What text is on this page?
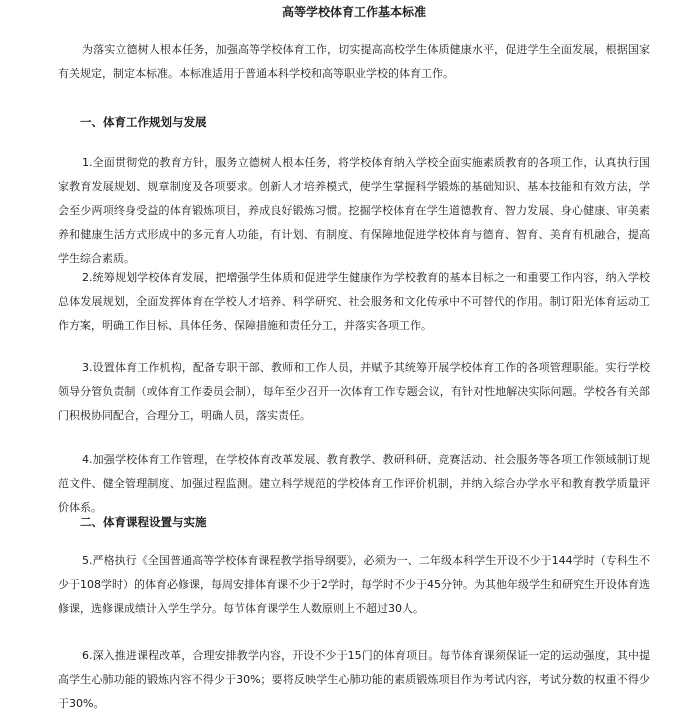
高等学校体育工作基本标准

为落实立德树人根本任务，加强高等学校体育工作，切实提高高校学生体质健康水平，促进学生全面发展，根据国家有关规定，制定本标准。本标准适用于普通本科学校和高等职业学校的体育工作。

一、体育工作规划与发展

1.全面贯彻党的教育方针，服务立德树人根本任务，将学校体育纳入学校全面实施素质教育的各项工作，认真执行国家教育发展规划、规章制度及各项要求。创新人才培养模式，使学生掌握科学锻炼的基础知识、基本技能和有效方法，学会至少两项终身受益的体育锻炼项目，养成良好锻炼习惯。挖掘学校体育在学生道德教育、智力发展、身心健康、审美素养和健康生活方式形成中的多元育人功能，有计划、有制度、有保障地促进学校体育与德育、智育、美育有机融合，提高学生综合素质。

2.统筹规划学校体育发展，把增强学生体质和促进学生健康作为学校教育的基本目标之一和重要工作内容，纳入学校总体发展规划，全面发挥体育在学校人才培养、科学研究、社会服务和文化传承中不可替代的作用。制订阳光体育运动工作方案，明确工作目标、具体任务、保障措施和责任分工，并落实各项工作。

3.设置体育工作机构，配备专职干部、教师和工作人员，并赋予其统筹开展学校体育工作的各项管理职能。实行学校领导分管负责制（或体育工作委员会制），每年至少召开一次体育工作专题会议，有针对性地解决实际问题。学校各有关部门积极协同配合，合理分工，明确人员，落实责任。

4.加强学校体育工作管理，在学校体育改革发展、教育教学、教研科研、竞赛活动、社会服务等各项工作领域制订规范文件、健全管理制度、加强过程监测。建立科学规范的学校体育工作评价机制，并纳入综合办学水平和教育教学质量评价体系。

二、体育课程设置与实施

5.严格执行《全国普通高等学校体育课程教学指导纲要》，必须为一、二年级本科学生开设不少于144学时（专科生不少于108学时）的体育必修课，每周安排体育课不少于2学时，每学时不少于45分钟。为其他年级学生和研究生开设体育选修课，选修课成绩计入学生学分。每节体育课学生人数原则上不超过30人。

6.深入推进课程改革，合理安排教学内容，开设不少于15门的体育项目。每节体育课须保证一定的运动强度，其中提高学生心肺功能的锻炼内容不得少于30%；要将反映学生心肺功能的素质锻炼项目作为考试内容，考试分数的权重不得少于30%。
